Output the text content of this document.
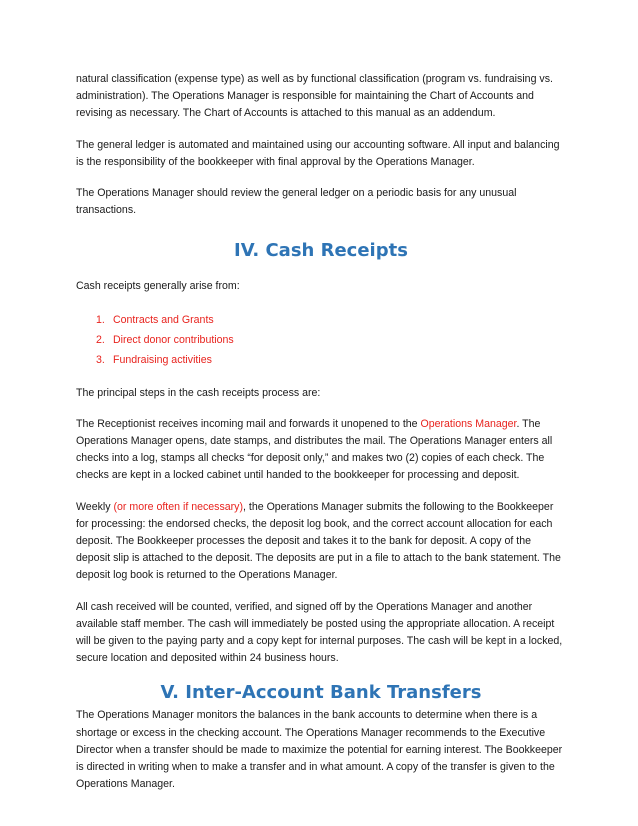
natural classification (expense type) as well as by functional classification (program vs. fundraising vs. administration). The Operations Manager is responsible for maintaining the Chart of Accounts and revising as necessary. The Chart of Accounts is attached to this manual as an addendum.

The general ledger is automated and maintained using our accounting software. All input and balancing is the responsibility of the bookkeeper with final approval by the Operations Manager.

The Operations Manager should review the general ledger on a periodic basis for any unusual transactions.

IV. Cash Receipts

Cash receipts generally arise from:

1. Contracts and Grants
2. Direct donor contributions
3. Fundraising activities

The principal steps in the cash receipts process are:

The Receptionist receives incoming mail and forwards it unopened to the Operations Manager. The Operations Manager opens, date stamps, and distributes the mail. The Operations Manager enters all checks into a log, stamps all checks “for deposit only,” and makes two (2) copies of each check. The checks are kept in a locked cabinet until handed to the bookkeeper for processing and deposit.

Weekly (or more often if necessary), the Operations Manager submits the following to the Bookkeeper for processing: the endorsed checks, the deposit log book, and the correct account allocation for each deposit. The Bookkeeper processes the deposit and takes it to the bank for deposit. A copy of the deposit slip is attached to the deposit. The deposits are put in a file to attach to the bank statement. The deposit log book is returned to the Operations Manager.

All cash received will be counted, verified, and signed off by the Operations Manager and another available staff member. The cash will immediately be posted using the appropriate allocation. A receipt will be given to the paying party and a copy kept for internal purposes. The cash will be kept in a locked, secure location and deposited within 24 business hours.

V. Inter-Account Bank Transfers

The Operations Manager monitors the balances in the bank accounts to determine when there is a shortage or excess in the checking account. The Operations Manager recommends to the Executive Director when a transfer should be made to maximize the potential for earning interest. The Bookkeeper is directed in writing when to make a transfer and in what amount. A copy of the transfer is given to the Operations Manager.
